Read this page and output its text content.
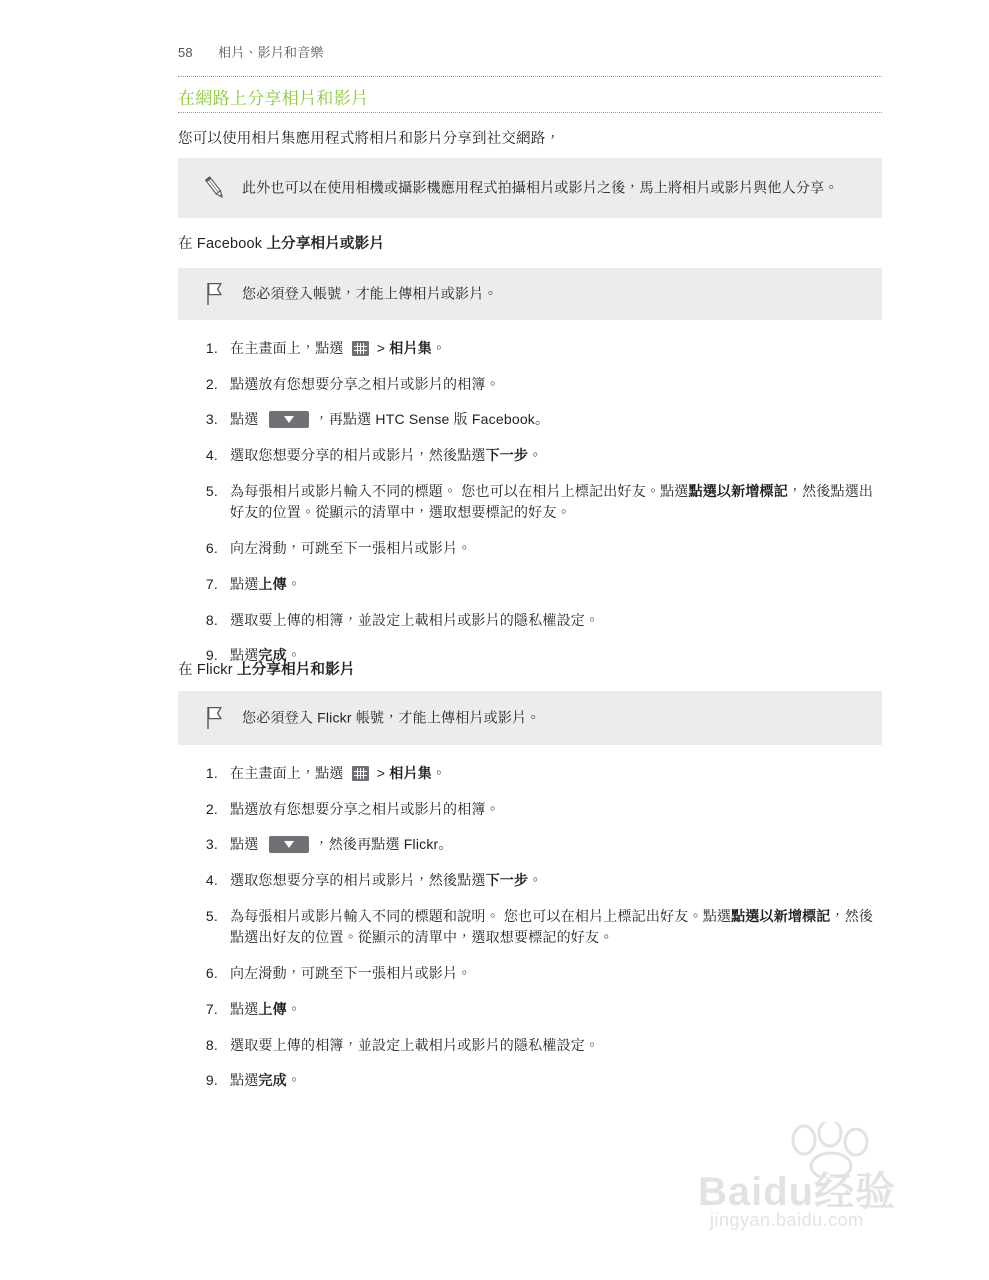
58 相片、影片和音樂
在網路上分享相片和影片
您可以使用相片集應用程式將相片和影片分享到社交網路，
此外也可以在使用相機或攝影機應用程式拍攝相片或影片之後，馬上將相片或影片與他人分享。
在 Facebook 上分享相片或影片
您必須登入帳號，才能上傳相片或影片。
1. 在主畫面上，點選
> 相片集。
2. 點選放有您想要分享之相片或影片的相簿。
3. 點選	，再點選 HTC Sense 版 Facebook。
4. 選取您想要分享的相片或影片，然後點選下一步。
5. 為每張相片或影片輸入不同的標題。 您也可以在相片上標記出好友。點選點選以新增標記，然後點選出好友的位置。從顯示的清單中，選取想要標記的好友。
6. 向左滑動，可跳至下一張相片或影片。
7. 點選上傳。
8. 選取要上傳的相簿，並設定上載相片或影片的隱私權設定。
9. 點選完成。
在 Flickr 上分享相片和影片
您必須登入 Flickr 帳號，才能上傳相片或影片。
1. 在主畫面上，點選
> 相片集。
2. 點選放有您想要分享之相片或影片的相簿。
3. 點選	，然後再點選 Flickr。
4. 選取您想要分享的相片或影片，然後點選下一步。
5. 為每張相片或影片輸入不同的標題和說明。 您也可以在相片上標記出好友。點選點選以新增標記，然後點選出好友的位置。從顯示的清單中，選取想要標記的好友。
6. 向左滑動，可跳至下一張相片或影片。
7. 點選上傳。
8. 選取要上傳的相簿，並設定上載相片或影片的隱私權設定。
9. 點選完成。
Baidu经验
jingyan.baidu.com
